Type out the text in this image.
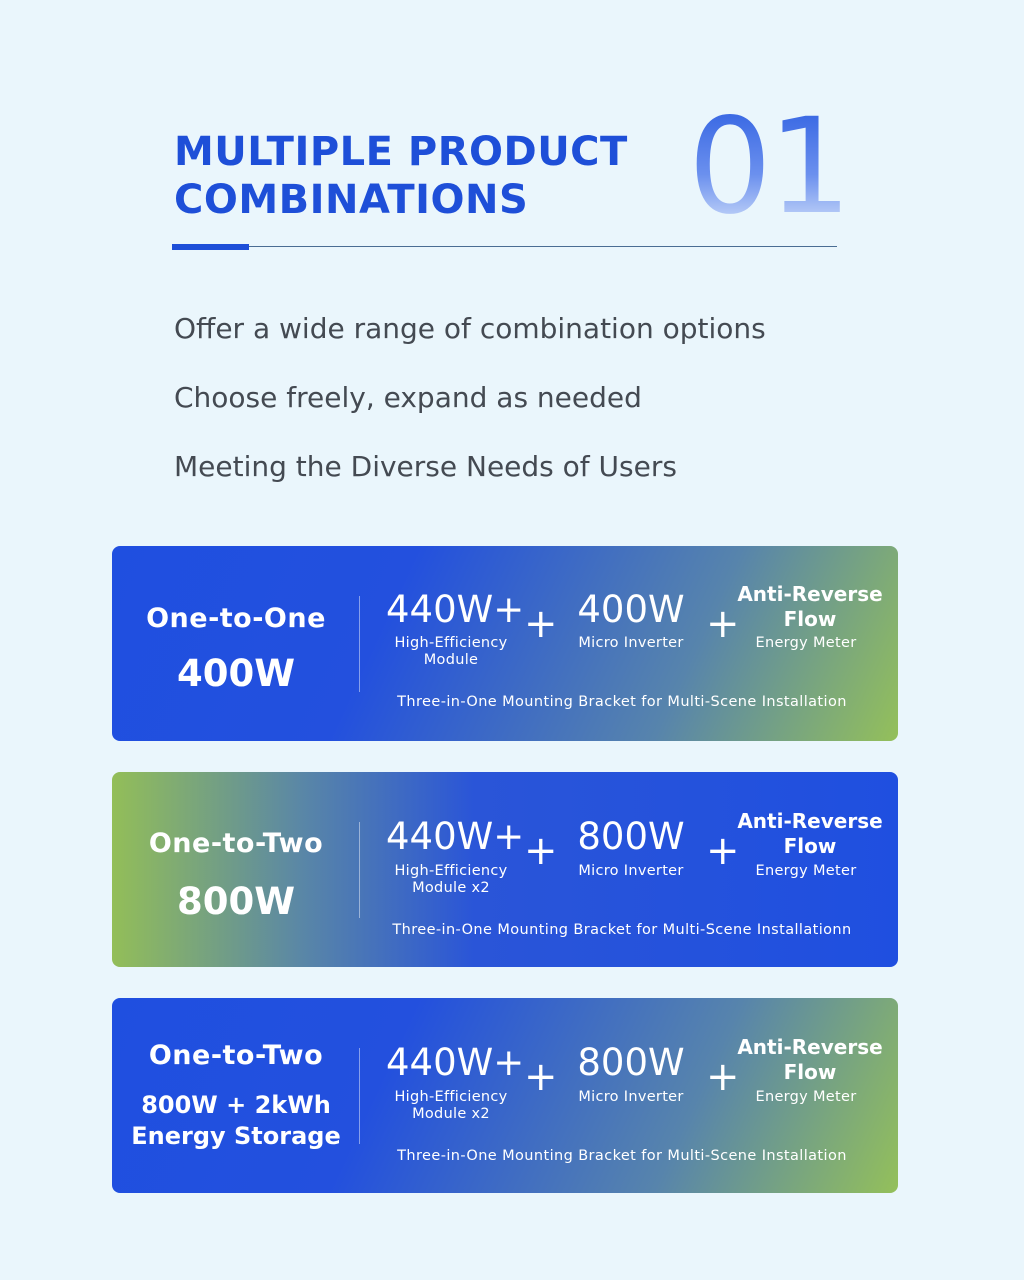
MULTIPLE PRODUCT
COMBINATIONS	01
Offer a wide range of combination options
Choose freely, expand as needed
Meeting the Diverse Needs of Users
One-to-One
400W
440W+
High-Efficiency
Module
+ 400W
Micro Inverter +
Anti-Reverse
Flow
Energy Meter
Three-in-One Mounting Bracket for Multi-Scene Installation
One-to-Two
800W
440W+
High-Efficiency
Module x2
+ 800W
Micro Inverter +
Anti-Reverse
Flow
Energy Meter
Three-in-One Mounting Bracket for Multi-Scene Installationn
One-to-Two
800W + 2kWh
Energy Storage
440W+
High-Efficiency
Module x2
+ 800W
Micro Inverter +
Anti-Reverse
Flow
Energy Meter
Three-in-One Mounting Bracket for Multi-Scene Installation
